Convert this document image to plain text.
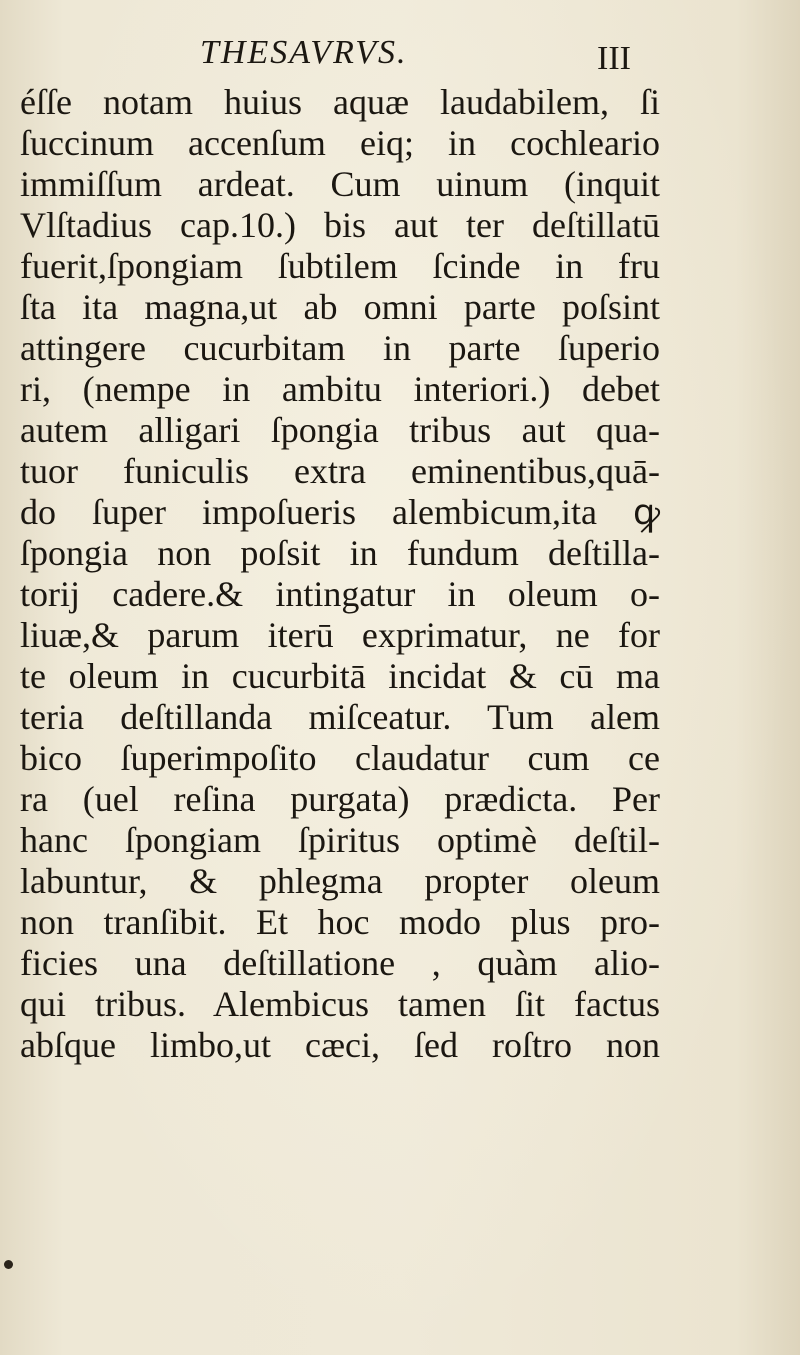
THESAVRVS.	III
éſſe notam huius aquæ laudabilem, ſi
ſuccinum accenſum eiq; in cochleario
immiſſum ardeat. Cum uinum (inquit
Vlſtadius cap.10.) bis aut ter deſtillatū
fuerit,ſpongiam ſubtilem ſcinde in fru
ſta ita magna,ut ab omni parte poſsint
attingere cucurbitam in parte ſuperio
ri, (nempe in ambitu interiori.) debet
autem alligari ſpongia tribus aut qua-
tuor funiculis extra eminentibus,quā-
do ſuper impoſueris alembicum,ita ꝙ
ſpongia non poſsit in fundum deſtilla-
torij cadere.& intingatur in oleum o-
liuæ,& parum iterū exprimatur, ne for
te oleum in cucurbitā incidat & cū ma
teria deſtillanda miſceatur. Tum alem
bico ſuperimpoſito claudatur cum ce
ra (uel reſina purgata) prædicta. Per
hanc ſpongiam ſpiritus optimè deſtil-
labuntur, & phlegma propter oleum
non tranſibit. Et hoc modo plus pro-
ficies una deſtillatione , quàm alio-
qui tribus. Alembicus tamen ſit factus
abſque limbo,ut cæci, ſed roſtro non
